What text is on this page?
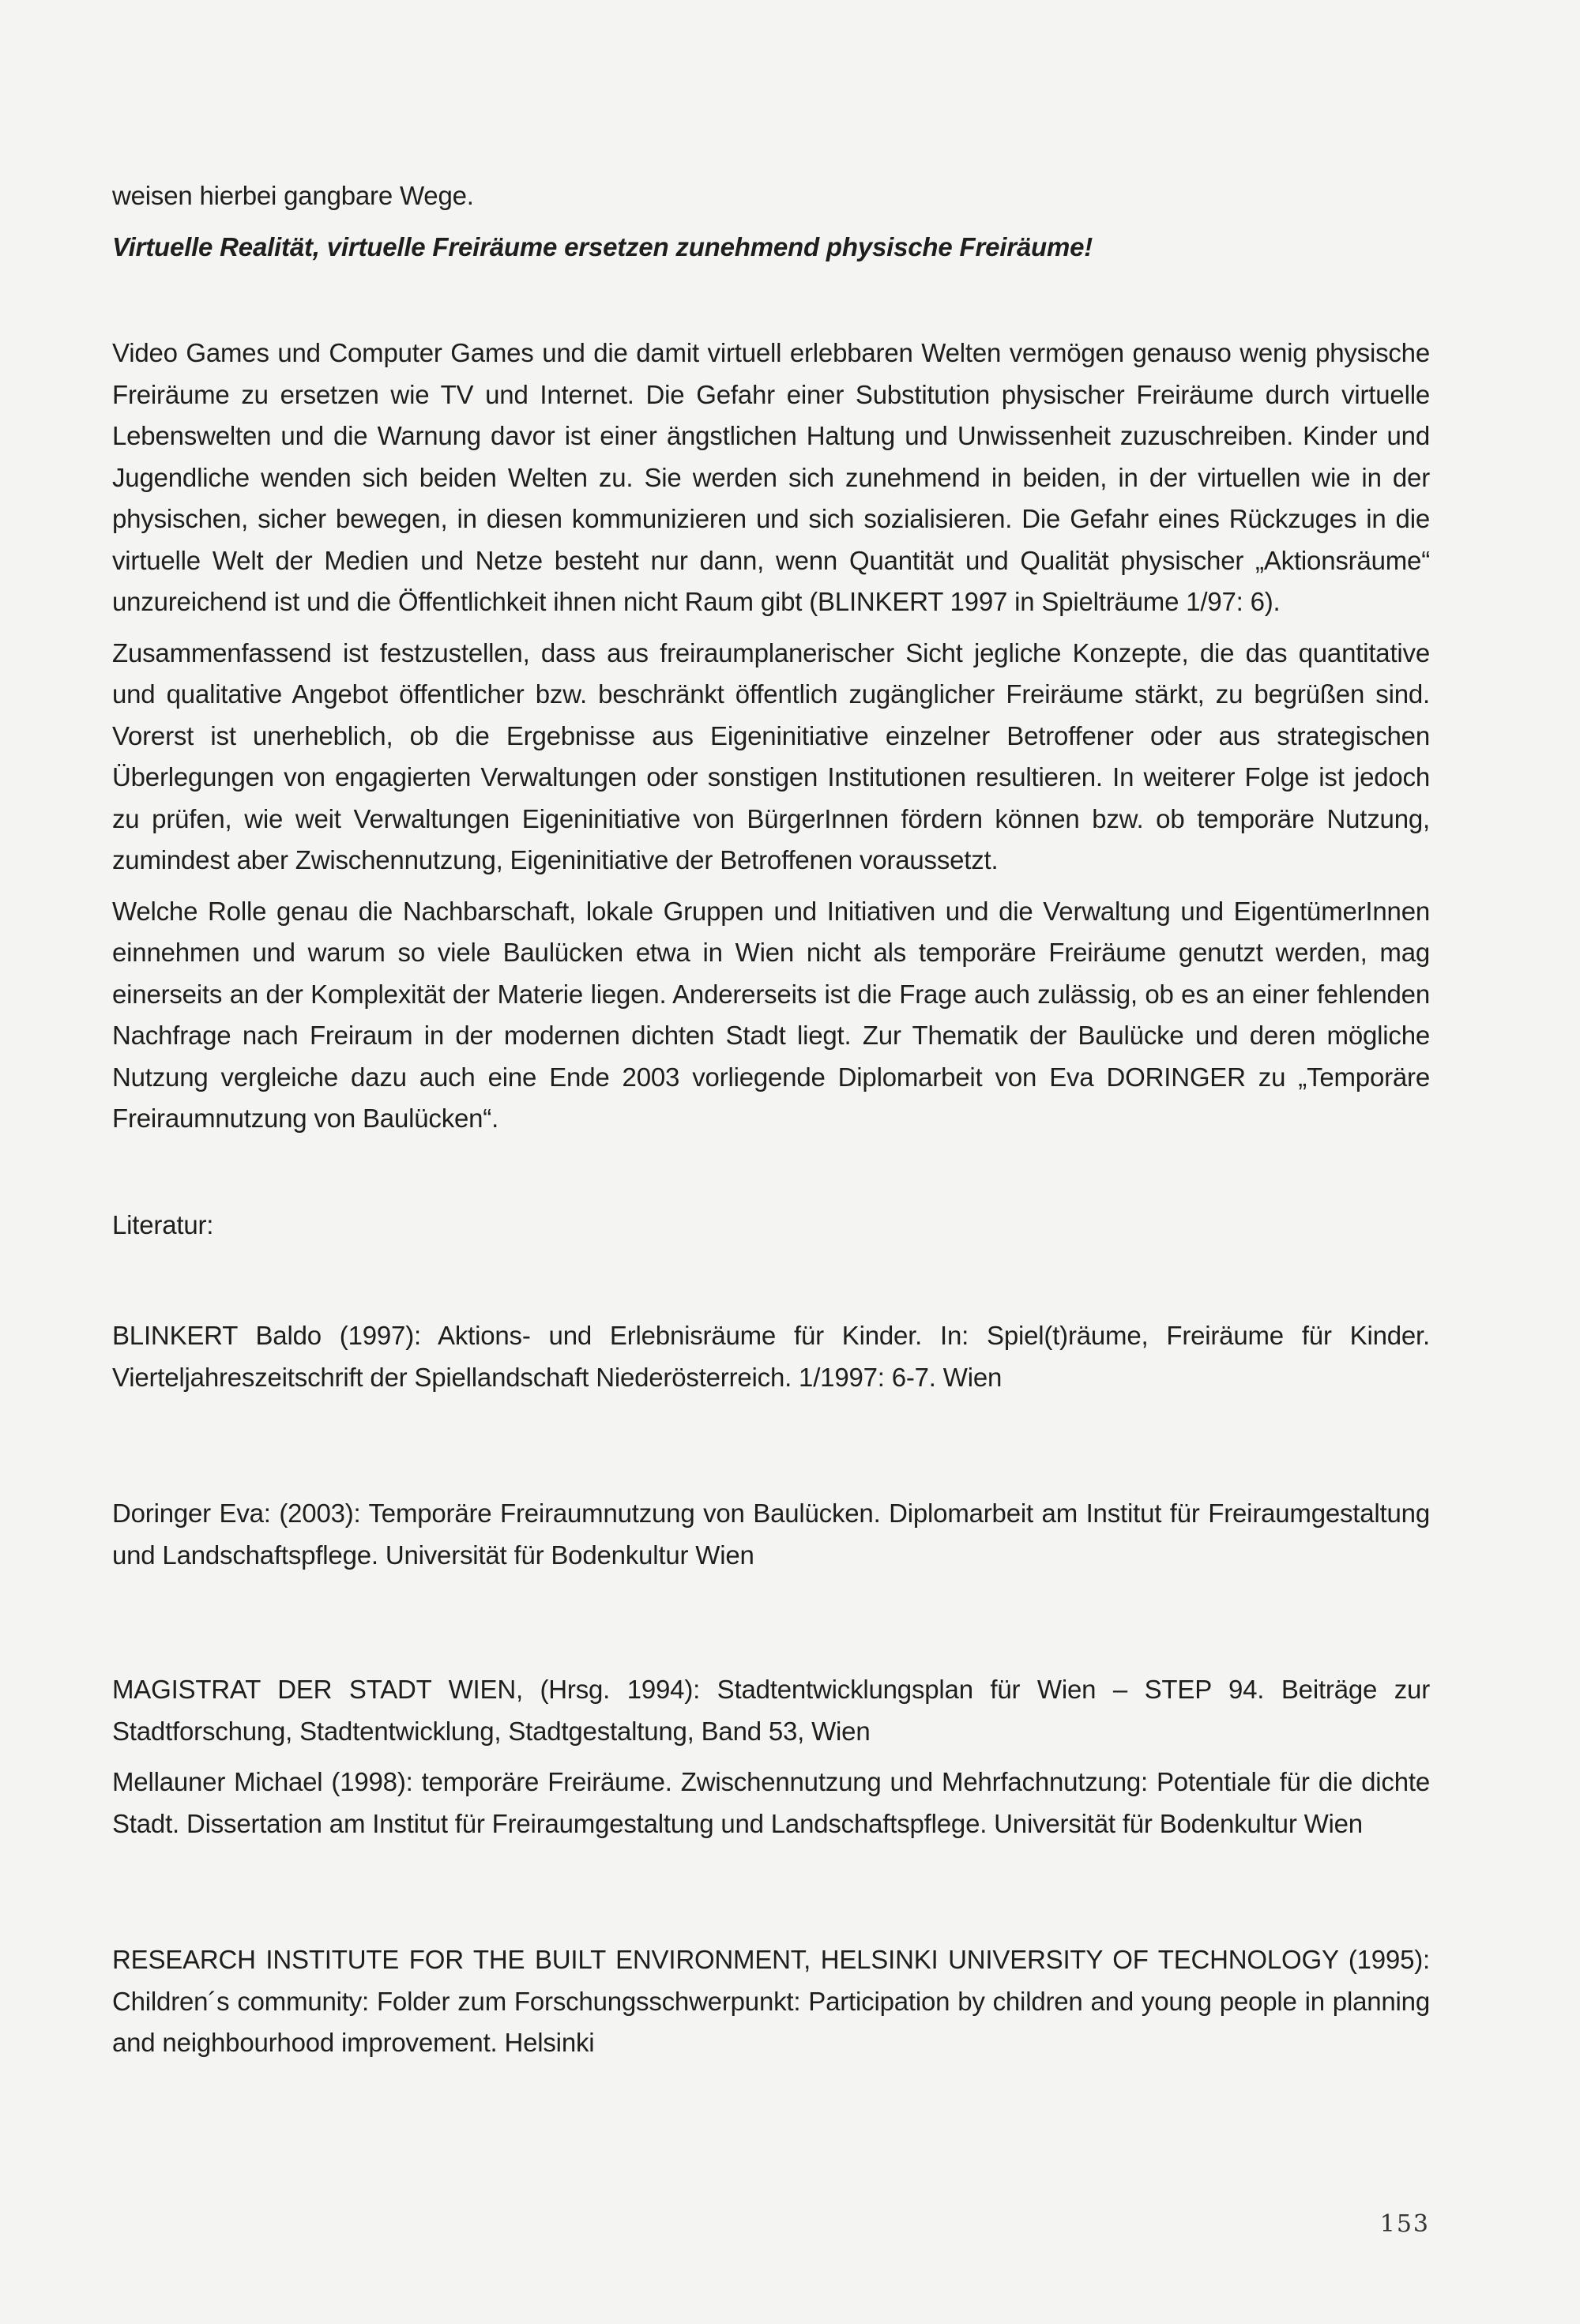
weisen hierbei gangbare Wege.

Virtuelle Realität, virtuelle Freiräume ersetzen zunehmend physische Freiräume!

Video Games und Computer Games und die damit virtuell erlebbaren Welten vermögen genauso wenig physische Freiräume zu ersetzen wie TV und Internet. Die Gefahr einer Substitution physischer Freiräume durch virtuelle Lebenswelten und die Warnung davor ist einer ängstlichen Haltung und Unwissenheit zuzuschreiben. Kinder und Jugendliche wenden sich beiden Welten zu. Sie werden sich zunehmend in beiden, in der virtuellen wie in der physischen, sicher bewegen, in diesen kommunizieren und sich sozialisieren. Die Gefahr eines Rückzuges in die virtuelle Welt der Medien und Netze besteht nur dann, wenn Quantität und Qualität physischer „Aktionsräume“ unzureichend ist und die Öffentlichkeit ihnen nicht Raum gibt (BLINKERT 1997 in Spielträume 1/97: 6).

Zusammenfassend ist festzustellen, dass aus freiraumplanerischer Sicht jegliche Konzepte, die das quantitative und qualitative Angebot öffentlicher bzw. beschränkt öffentlich zugänglicher Freiräume stärkt, zu begrüßen sind. Vorerst ist unerheblich, ob die Ergebnisse aus Eigeninitiative einzelner Betroffener oder aus strategischen Überlegungen von engagierten Verwaltungen oder sonstigen Institutionen resultieren. In weiterer Folge ist jedoch zu prüfen, wie weit Verwaltungen Eigeninitiative von BürgerInnen fördern können bzw. ob temporäre Nutzung, zumindest aber Zwischennutzung, Eigeninitiative der Betroffenen voraussetzt.

Welche Rolle genau die Nachbarschaft, lokale Gruppen und Initiativen und die Verwaltung und EigentümerInnen einnehmen und warum so viele Baulücken etwa in Wien nicht als temporäre Freiräume genutzt werden, mag einerseits an der Komplexität der Materie liegen. Andererseits ist die Frage auch zulässig, ob es an einer fehlenden Nachfrage nach Freiraum in der modernen dichten Stadt liegt. Zur Thematik der Baulücke und deren mögliche Nutzung vergleiche dazu auch eine Ende 2003 vorliegende Diplomarbeit von Eva DORINGER zu „Temporäre Freiraumnutzung von Baulücken“.

Literatur:

BLINKERT Baldo (1997): Aktions- und Erlebnisräume für Kinder. In: Spiel(t)räume, Freiräume für Kinder. Vierteljahreszeitschrift der Spiellandschaft Niederösterreich. 1/1997: 6-7. Wien

Doringer Eva: (2003): Temporäre Freiraumnutzung von Baulücken. Diplomarbeit am Institut für Freiraumgestaltung und Landschaftspflege. Universität für Bodenkultur Wien

MAGISTRAT DER STADT WIEN, (Hrsg. 1994): Stadtentwicklungsplan für Wien – STEP 94. Beiträge zur Stadtforschung, Stadtentwicklung, Stadtgestaltung, Band 53, Wien

Mellauner Michael (1998): temporäre Freiräume. Zwischennutzung und Mehrfachnutzung: Potentiale für die dichte Stadt. Dissertation am Institut für Freiraumgestaltung und Landschaftspflege. Universität für Bodenkultur Wien

RESEARCH INSTITUTE FOR THE BUILT ENVIRONMENT, HELSINKI UNIVERSITY OF TECHNOLOGY (1995): Children´s community: Folder zum Forschungsschwerpunkt: Participation by children and young people in planning and neighbourhood improvement. Helsinki

153
